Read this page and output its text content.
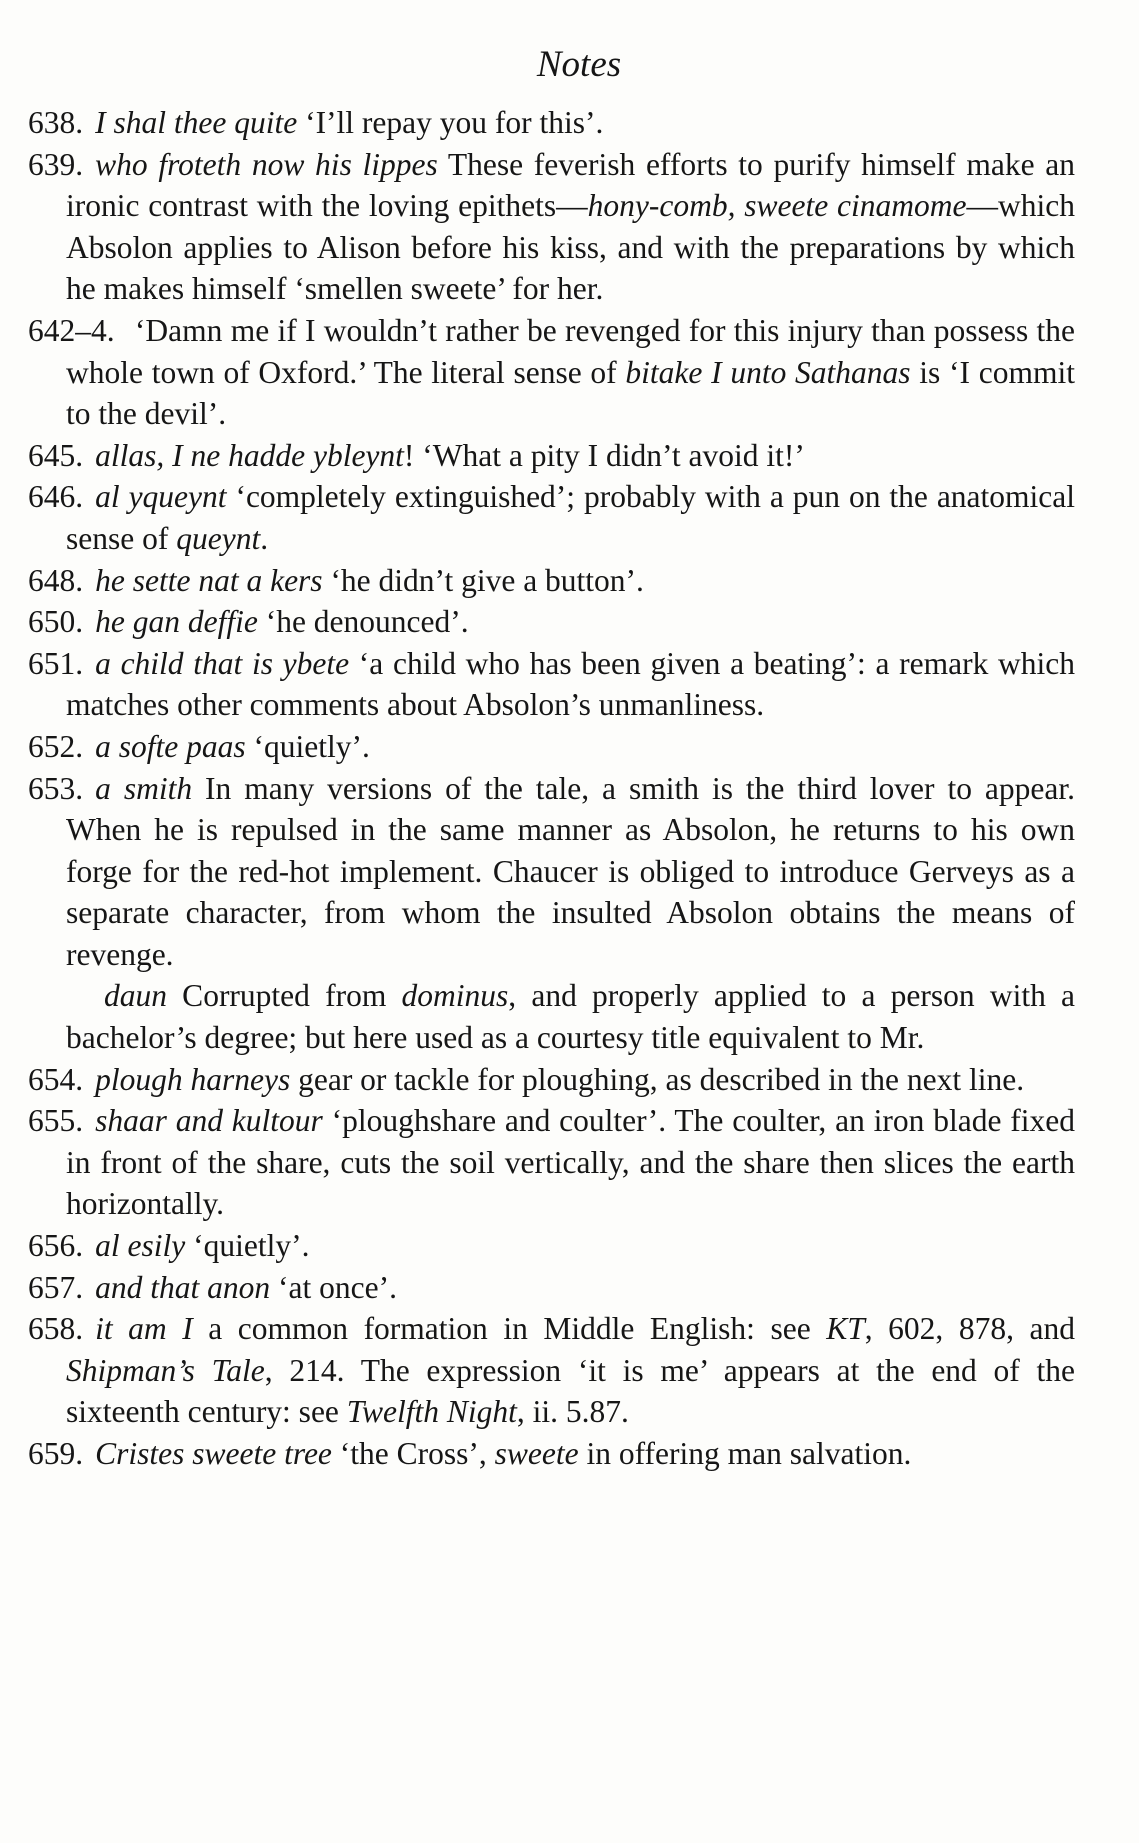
Notes
638. I shal thee quite ‘I’ll repay you for this’.
639. who froteth now his lippes These feverish efforts to purify himself make an ironic contrast with the loving epithets—hony-comb, sweete cinamome—which Absolon applies to Alison before his kiss, and with the preparations by which he makes himself ‘smellen sweete’ for her.
642–4. ‘Damn me if I wouldn’t rather be revenged for this injury than possess the whole town of Oxford.’ The literal sense of bitake I unto Sathanas is ‘I commit to the devil’.
645. allas, I ne hadde ybleynt! ‘What a pity I didn’t avoid it!’
646. al yqueynt ‘completely extinguished’; probably with a pun on the anatomical sense of queynt.
648. he sette nat a kers ‘he didn’t give a button’.
650. he gan deffie ‘he denounced’.
651. a child that is ybete ‘a child who has been given a beating’: a remark which matches other comments about Absolon’s unmanliness.
652. a softe paas ‘quietly’.
653. a smith In many versions of the tale, a smith is the third lover to appear. When he is repulsed in the same manner as Absolon, he returns to his own forge for the red-hot implement. Chaucer is obliged to introduce Gerveys as a separate character, from whom the insulted Absolon obtains the means of revenge.
daun Corrupted from dominus, and properly applied to a person with a bachelor’s degree; but here used as a courtesy title equivalent to Mr.
654. plough harneys gear or tackle for ploughing, as described in the next line.
655. shaar and kultour ‘ploughshare and coulter’. The coulter, an iron blade fixed in front of the share, cuts the soil vertically, and the share then slices the earth horizontally.
656. al esily ‘quietly’.
657. and that anon ‘at once’.
658. it am I a common formation in Middle English: see KT, 602, 878, and Shipman’s Tale, 214. The expression ‘it is me’ appears at the end of the sixteenth century: see Twelfth Night, ii. 5.87.
659. Cristes sweete tree ‘the Cross’, sweete in offering man salvation.
